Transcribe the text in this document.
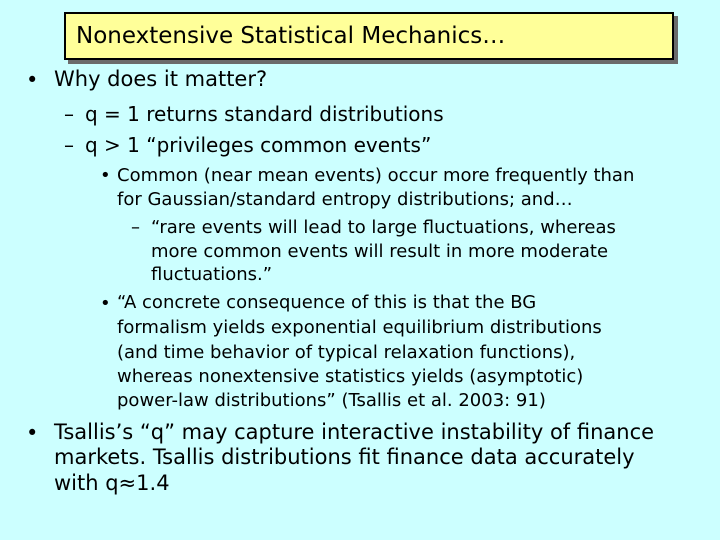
Nonextensive Statistical Mechanics…
• Why does it matter?
– q = 1 returns standard distributions
– q > 1 “privileges common events”
• Common (near mean events) occur more frequently than
for Gaussian/standard entropy distributions; and…
– “rare events will lead to large fluctuations, whereas
more common events will result in more moderate
fluctuations.”
• “A concrete consequence of this is that the BG
formalism yields exponential equilibrium distributions
(and time behavior of typical relaxation functions),
whereas nonextensive statistics yields (asymptotic)
power-law distributions” (Tsallis et al. 2003: 91)
• Tsallis’s “q” may capture interactive instability of finance
markets. Tsallis distributions fit finance data accurately
with q≈1.4
